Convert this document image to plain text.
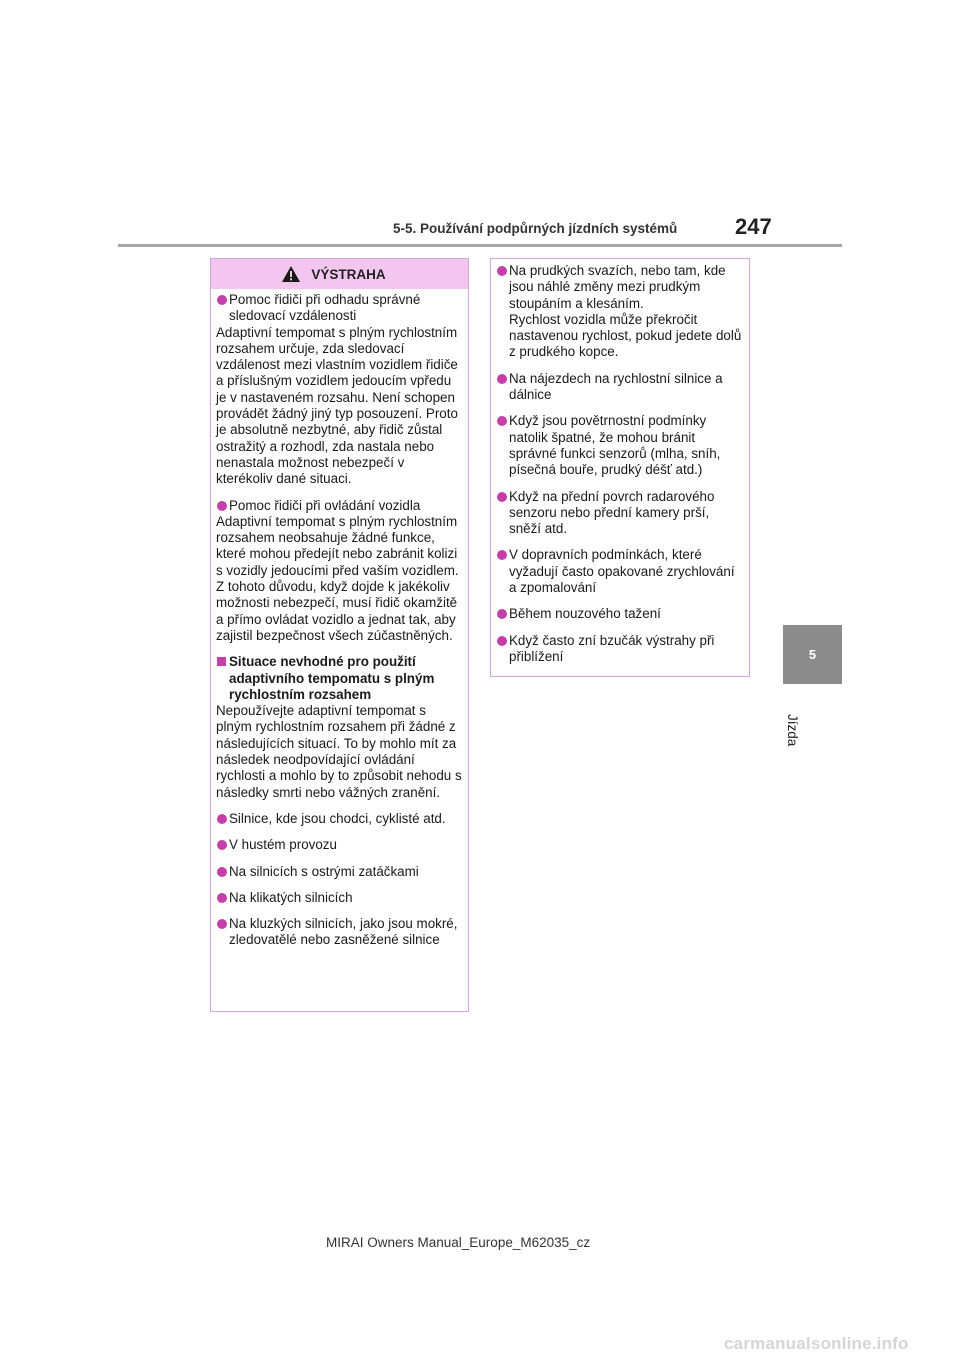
5-5. Používání podpůrných jízdních systémů	247
5
Jízda
VÝSTRAHA
Pomoc řidiči při odhadu správné sledovací vzdálenosti
Adaptivní tempomat s plným rychlostním rozsahem určuje, zda sledovací vzdálenost mezi vlastním vozidlem řidiče a příslušným vozidlem jedoucím vpředu je v nastaveném rozsahu. Není schopen provádět žádný jiný typ posouzení. Proto je absolutně nezbytné, aby řidič zůstal ostražitý a rozhodl, zda nastala nebo nenastala možnost nebezpečí v kterékoliv dané situaci.
Pomoc řidiči při ovládání vozidla
Adaptivní tempomat s plným rychlostním rozsahem neobsahuje žádné funkce, které mohou předejít nebo zabránit kolizi s vozidly jedoucími před vaším vozidlem. Z tohoto důvodu, když dojde k jakékoliv možnosti nebezpečí, musí řidič okamžitě a přímo ovládat vozidlo a jednat tak, aby zajistil bezpečnost všech zúčastněných.
Situace nevhodné pro použití adaptivního tempomatu s plným rychlostním rozsahem
Nepoužívejte adaptivní tempomat s plným rychlostním rozsahem při žádné z následujících situací. To by mohlo mít za následek neodpovídající ovládání rychlosti a mohlo by to způsobit nehodu s následky smrti nebo vážných zranění.
Silnice, kde jsou chodci, cyklisté atd.
V hustém provozu
Na silnicích s ostrými zatáčkami
Na klikatých silnicích
Na kluzkých silnicích, jako jsou mokré, zledovatělé nebo zasněžené silnice
Na prudkých svazích, nebo tam, kde jsou náhlé změny mezi prudkým stoupáním a klesáním.
Rychlost vozidla může překročit nastavenou rychlost, pokud jedete dolů z prudkého kopce.
Na nájezdech na rychlostní silnice a dálnice
Když jsou povětrnostní podmínky natolik špatné, že mohou bránit správné funkci senzorů (mlha, sníh, písečná bouře, prudký déšť atd.)
Když na přední povrch radarového senzoru nebo přední kamery prší, sněží atd.
V dopravních podmínkách, které vyžadují často opakované zrychlování a zpomalování
Během nouzového tažení
Když často zní bzučák výstrahy při přiblížení
MIRAI Owners Manual_Europe_M62035_cz
carmanualsonline.info
